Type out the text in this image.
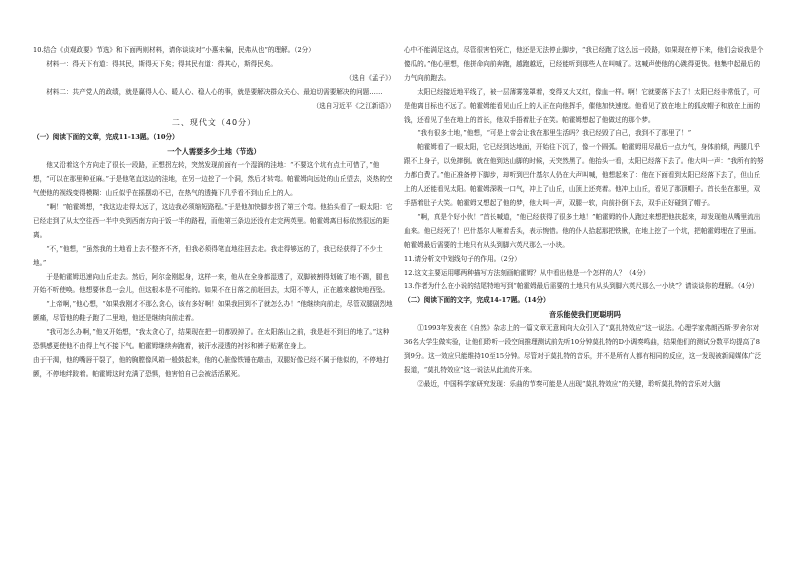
10.结合《贞观政要》节选》和下面两则材料，请你谈谈对“小惠未徧，民弗从也”的理解。（2分）

材料一：得天下有道：得其民，斯得天下矣；得其民有道：得其心，斯得民矣。

（选自《孟子》）

材料二：共产党人的政绩，就是赢得人心、暖人心、稳人心的事，就是要解决群众关心、最迫切需要解决的问题……

（选自习近平《之江新语》）

二、现代文（40分）

（一）阅读下面的文章，完成11-13题。（10分）

一个人需要多少土地（节选）

他又沿着这个方向走了很长一段路，正想拐左转，突然发现前面有一个湿润的洼地：“不要这个坑有点土可惜了，”他想，“可以在那里种亚麻。”于是他笔直这边的洼地，在另一边挖了一个洞，然后才转弯。帕霍姆向远处的山丘望去，炎热的空气使他的视线变得模糊：山丘似乎在摇摆动不已，在热气的透掩下几乎看不到山丘上的人。

“啊！”帕霍姆想，“我这边走得太远了，这边我必须缩短路程。”于是他加快脚步拐了第三个弯。他抬头看了一眼太阳：它已经走到了从太空往西一半中央到西南方向于饭一半的路程，而他第三条边还没有走完两英里。帕霍姆离目标依然很远的距离。

“不，”他想，“虽然我的土地看上去不整齐不齐，但我必须得笔直地往回去走。我走得够远的了，我已经获得了不少土地。”

于是帕霍姆迅速向山丘走去。然后，阿尔金刚起身，这样一来，他从在全身都湿透了，双脚被割得划破了地不踢，腿也开始不听使唤。他想要休息一会儿，但这根本是不可能的。如果不在日落之前赶回去，太阳不等人，正在越来越快地西坠。

“上帝啊，”他心想，“如果我刚才不那么贪心，该有多好啊！如果我回到不了就怎么办！”他继续向前走，尽管双腿剧烈地颤痛，尽管他的鞋子跑了二里地，他还是继续向前走着。

“我可怎么办啊，”他又开始想，“我太贪心了，结果现在把一切都毁掉了。在太阳落山之前，我是赶不到目的地了。”这种恐惧感更使他不由得上气不接下气。帕霍姆继续奔跑着，被汗水浸透的衬衫和裤子贴紧在身上。

由于干渴，他的嘴唇干裂了，他的胸膛像风箱一般鼓起来，他的心脏像铁锤在敲击，双腿好像已经不属于他似的，不停地打颤，不停地绊跤着。帕霍姆这时充满了恐惧，他害怕自己会被活活累死。

心中不能满足这点，尽管很害怕死亡，他还是无法停止脚步，“我已经跑了这么远一段路，如果现在停下来，他们会说我是个傻瓜的。”他心里想，他拼命向前奔跑，越跑越近，已经能听到那些人在叫喊了。这喊声使他的心跳得更快。他集中起最后的力气向前跑去。

太阳已经接近地平线了，被一层薄雾笼罩着，变得又大又红，像血一样。啊！它就要落下去了！太阳已经非常低了，可是他离目标也不远了。帕霍姆能看见山丘上的人正在向他挥手，催他加快速度。他看见了放在地上的狐皮帽子和放在上面的钱，还看见了坐在地上的首长，他双手捂着肚子在笑。帕霍姆想起了他做过的那个梦。

“我有很多土地，”他想，“可是上帝会让我在那里生活吗？我已经毁了自己，我到不了那里了！”

帕霍姆看了一眼太阳，它已经到达地面，开始往下沉了，像一个圆弧。帕霍姆用尽最后一点力气，身体前倾，两腿几乎跟不上身子，以免摔倒。就在他到达山脚的时候，天突然黑了。他抬头一看，太阳已经落下去了。他大叫一声：“我所有的努力都白费了。”他正准备停下脚步，却听到巴什基尔人仍在大声叫喊，他想起来了：他在下面看到太阳已经落下去了，但山丘上的人还能看见太阳。帕霍姆深吸一口气，冲上了山丘，山顶上还亮着。他冲上山丘，看见了那顶帽子。首长坐在那里，双手捂着肚子大笑。帕霍姆又想起了他的梦，他大叫一声，双腿一软，向前扑倒下去，双手正好碰到了帽子。

“啊，真是个好小伙！”首长喊道，“他已经获得了很多土地！”帕霍姆的仆人跑过来想把他扶起来，却发现他从嘴里流出血来。他已经死了！巴什基尔人咂着舌头，表示惋惜。他的仆人拾起那把铁锹，在地上挖了一个坑，把帕霍姆埋在了里面。帕霍姆最后需要的土地只有从头到脚六英尺那么一小块。

11.请分析文中划线句子的作用。（2分）

12.这文主要运用哪两种描写方法刻画帕霍姆？从中看出他是一个怎样的人？（4分）

13.作者为什么在小说的结尾特地写到“帕霍姆最后需要的土地只有从头到脚六英尺那么一小块”？请谈谈你的理解。（4分）

（二）阅读下面的文字，完成14-17题。（14分）

音乐能使我们更聪明吗

①1993年发表在《自然》杂志上的一篇文章无意间向大众引入了“莫扎特效应”这一说法。心理学家弗朗西斯·罗舍尔对36名大学生做实验，让他们聆听一段空间推理测试前先听10分钟莫扎特的D小调奏鸣曲，结果他们的测试分数平均提高了8到9分。这一效应只能维持10至15分钟。尽管对于莫扎特的音乐，并不是所有人都有相同的反应，这一发现被新闻媒体广泛报道，“莫扎特效应”这一说法从此流传开来。

②最近，中国科学家研究发现：乐曲的节奏可能是人出现“莫扎特效应”的关键，聆听莫扎特的音乐对大脑
